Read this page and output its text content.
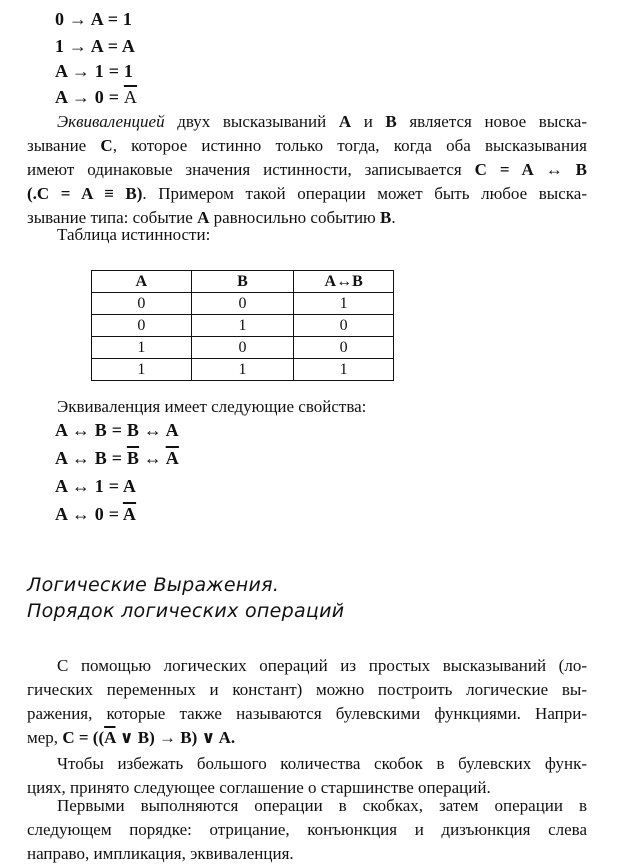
0 → A = 1
1 → A = A
A → 1 = 1
$A \to 0 = \overline{A}$
Эквиваленцией двух высказываний A и B является новое выска-
зывание C, которое истинно только тогда, когда оба высказывания
имеют одинаковые значения истинности, записывается C = A ↔ B
(.C = A ≡ B). Примером такой операции может быть любое выска-
зывание типа: событие A равносильно событию B.
Таблица истинности:
A	B	A↔B
0	0	1
0	1	0
1	0	0
1	1	1
Эквиваленция имеет следующие свойства:
A ↔ B = B ↔ A
A ↔ $B = \overline{B}$ ↔ $\overline{A}$
A ↔ 1 = A
A ↔ $0 = \overline{A}$
Логические Выражения.
Порядок логических операций
С помощью логических операций из простых высказываний (ло-
гических переменных и констант) можно построить логические вы-
ражения, которые также называются булевскими функциями. Напри-
мер, $C = ((\overline{A}$ ∨ B) → B) ∨ A.
Чтобы избежать большого количества скобок в булевских функ-
циях, принято следующее соглашение о старшинстве операций.
Первыми выполняются операции в скобках, затем операции в
следующем порядке: отрицание, конъюнкция и дизъюнкция слева
направо, импликация, эквиваленция.
